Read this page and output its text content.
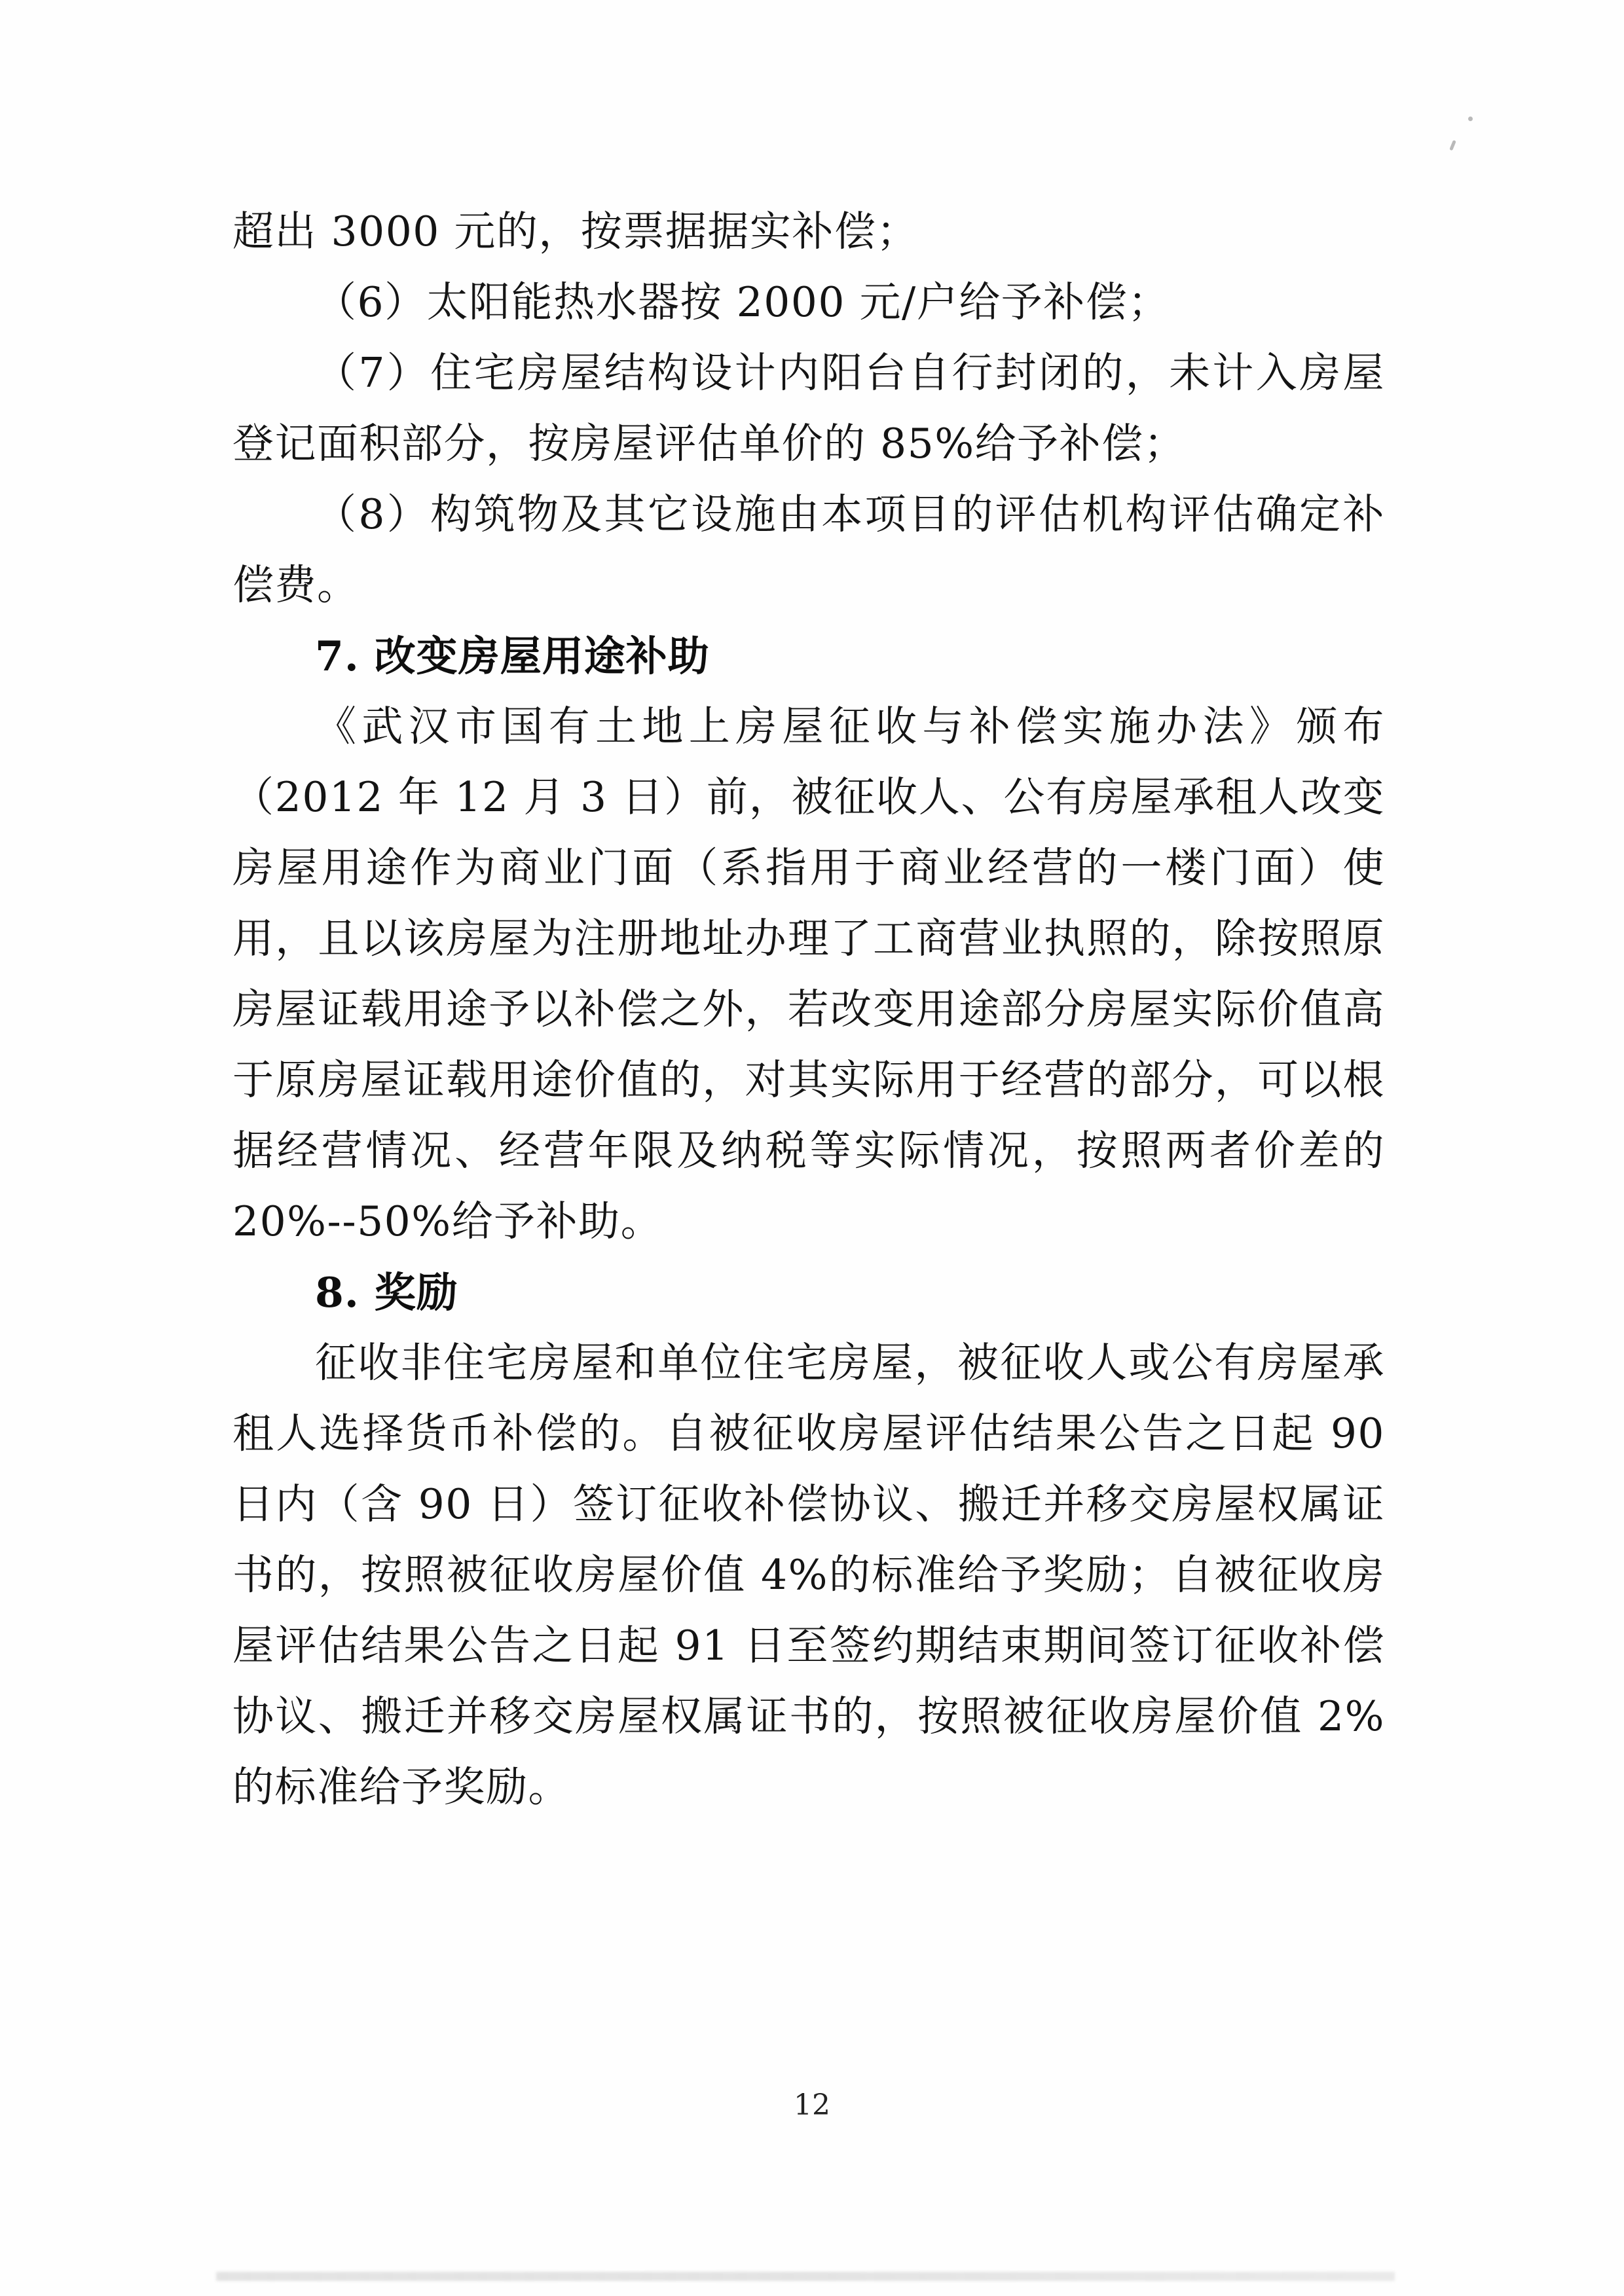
超出 3000 元的，按票据据实补偿；

（6）太阳能热水器按 2000 元/户给予补偿；

（7）住宅房屋结构设计内阳台自行封闭的，未计入房屋登记面积部分，按房屋评估单价的 85%给予补偿；

（8）构筑物及其它设施由本项目的评估机构评估确定补偿费。

7. 改变房屋用途补助

《武汉市国有土地上房屋征收与补偿实施办法》颁布（2012 年 12 月 3 日）前，被征收人、公有房屋承租人改变房屋用途作为商业门面（系指用于商业经营的一楼门面）使用，且以该房屋为注册地址办理了工商营业执照的，除按照原房屋证载用途予以补偿之外，若改变用途部分房屋实际价值高于原房屋证载用途价值的，对其实际用于经营的部分，可以根据经营情况、经营年限及纳税等实际情况，按照两者价差的 20%--50%给予补助。

8. 奖励

征收非住宅房屋和单位住宅房屋，被征收人或公有房屋承租人选择货币补偿的。自被征收房屋评估结果公告之日起 90 日内（含 90 日）签订征收补偿协议、搬迁并移交房屋权属证书的，按照被征收房屋价值 4%的标准给予奖励；自被征收房屋评估结果公告之日起 91 日至签约期结束期间签订征收补偿协议、搬迁并移交房屋权属证书的，按照被征收房屋价值 2%的标准给予奖励。

12
